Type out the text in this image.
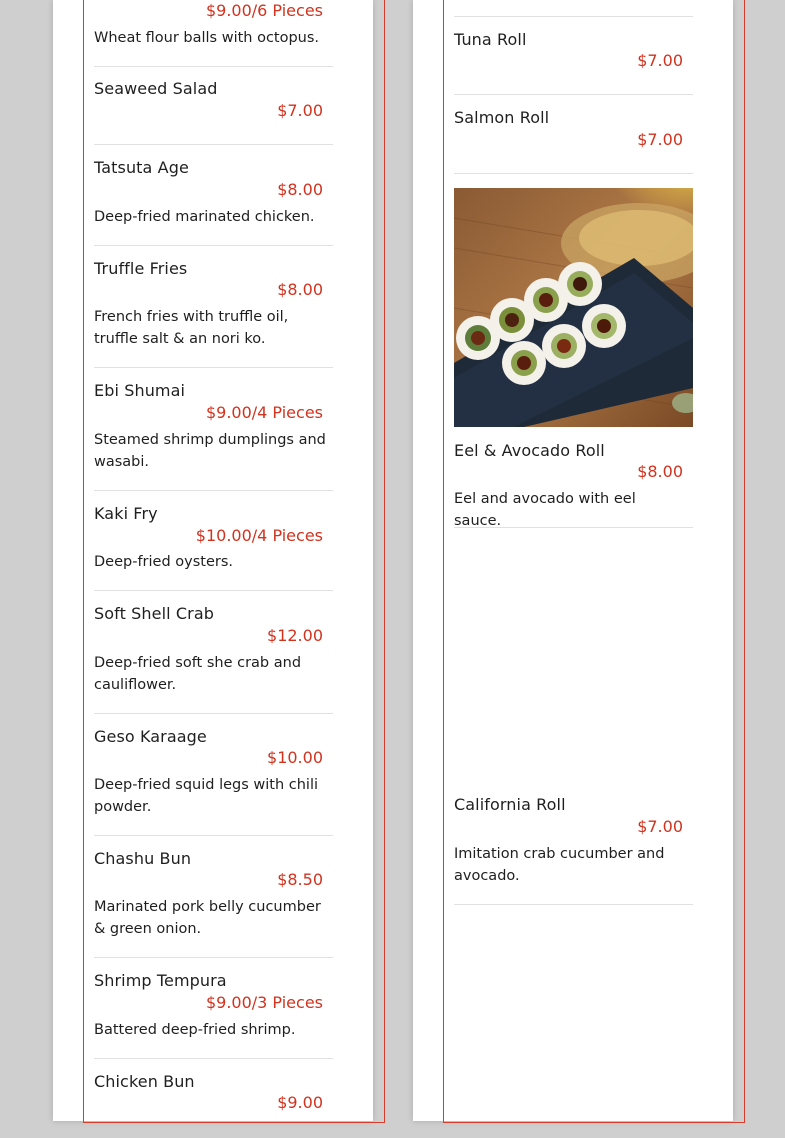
$9.00/6 Pieces
Wheat flour balls with octopus.
Seaweed Salad
$7.00
Tatsuta Age
$8.00
Deep-fried marinated chicken.
Truffle Fries
$8.00
French fries with truffle oil, truffle salt & an nori ko.
Ebi Shumai
$9.00/4 Pieces
Steamed shrimp dumplings and wasabi.
Kaki Fry
$10.00/4 Pieces
Deep-fried oysters.
Soft Shell Crab
$12.00
Deep-fried soft she crab and cauliflower.
Geso Karaage
$10.00
Deep-fried squid legs with chili powder.
Chashu Bun
$8.50
Marinated pork belly cucumber & green onion.
Shrimp Tempura
$9.00/3 Pieces
Battered deep-fried shrimp.
Chicken Bun
$9.00
Tuna Roll
$7.00
Salmon Roll
$7.00
Eel & Avocado Roll
$8.00
Eel and avocado with eel sauce.
California Roll
$7.00
Imitation crab cucumber and avocado.
